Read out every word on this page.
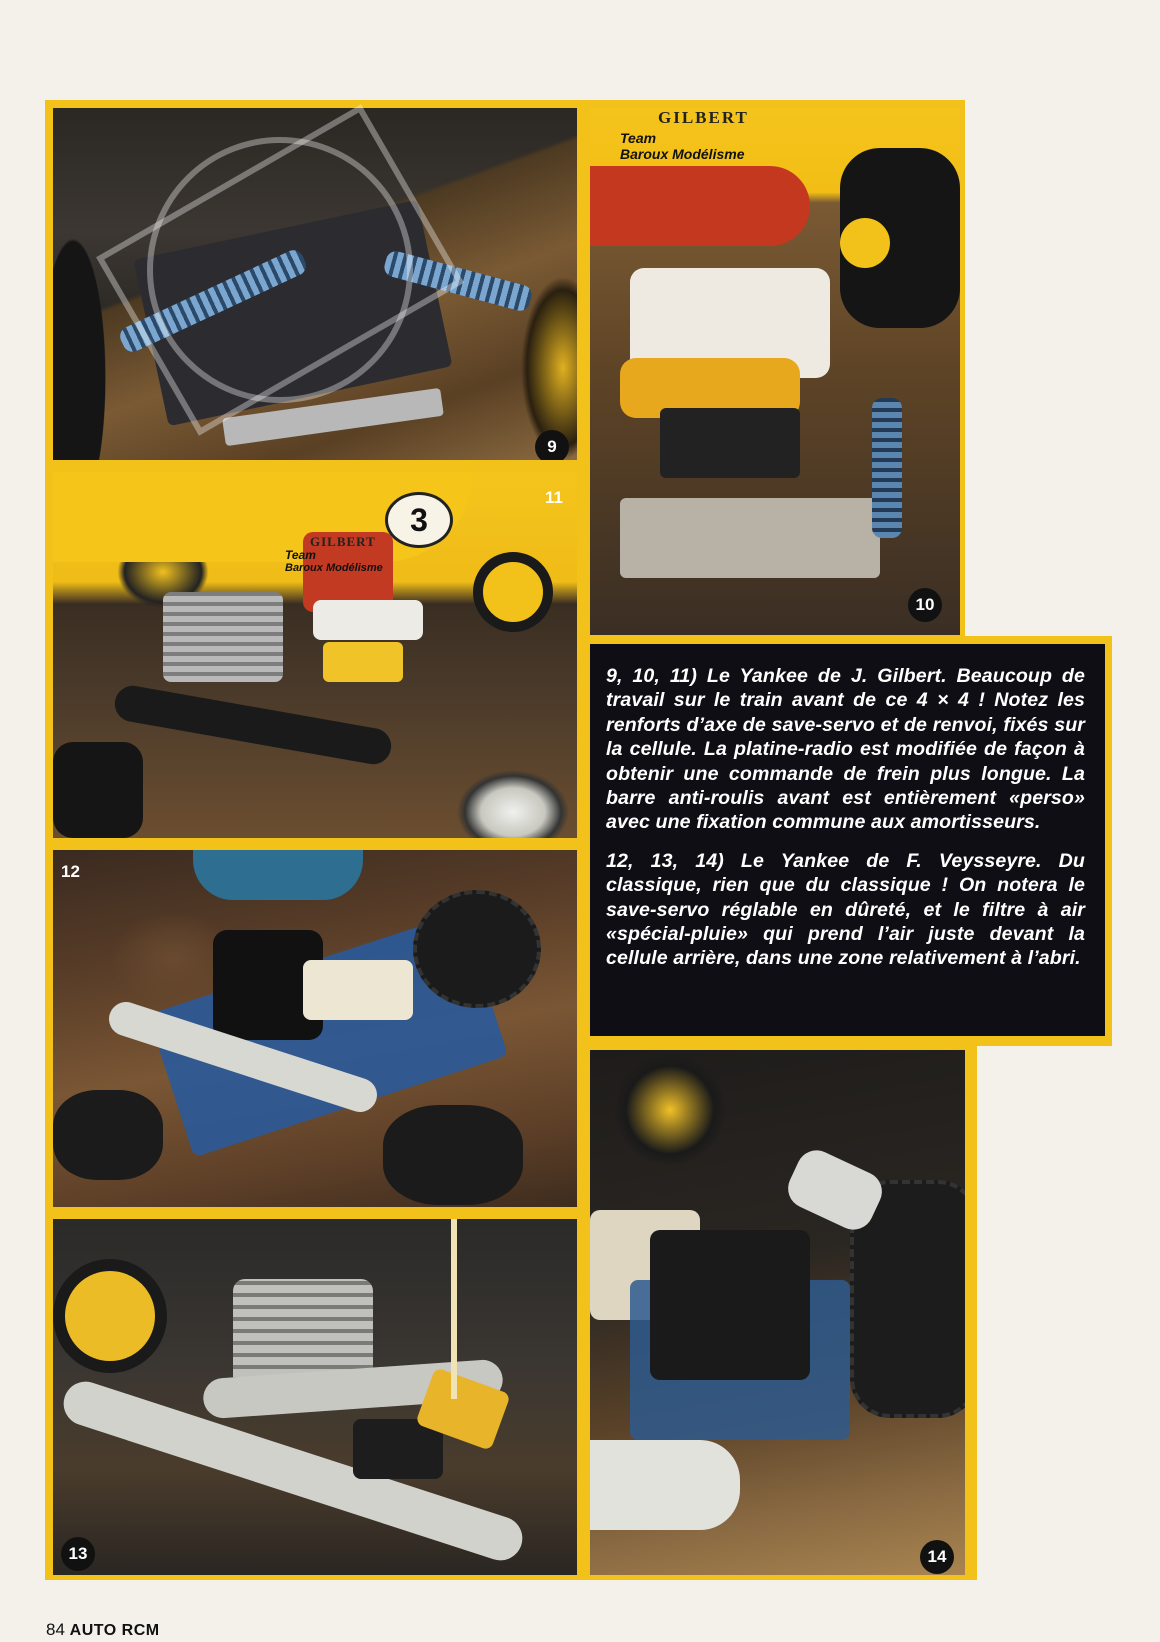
9
3
GILBERT
Team
Baroux Modélisme
11
12
13
GILBERT
Team
Baroux Modélisme
10

9, 10, 11) Le Yankee de J. Gilbert. Beaucoup de travail sur le train avant de ce 4 × 4 ! Notez les renforts d’axe de save-servo et de renvoi, fixés sur la cellule. La platine-radio est modifiée de façon à obtenir une commande de frein plus longue. La barre anti-roulis avant est entièrement «perso» avec une fixation commune aux amortisseurs.

12, 13, 14) Le Yankee de F. Veysseyre. Du classique, rien que du classique ! On notera le save-servo réglable en dûreté, et le filtre à air «spécial-pluie» qui prend l’air juste devant la cellule arrière, dans une zone relativement à l’abri.

14
84 AUTO RCM
